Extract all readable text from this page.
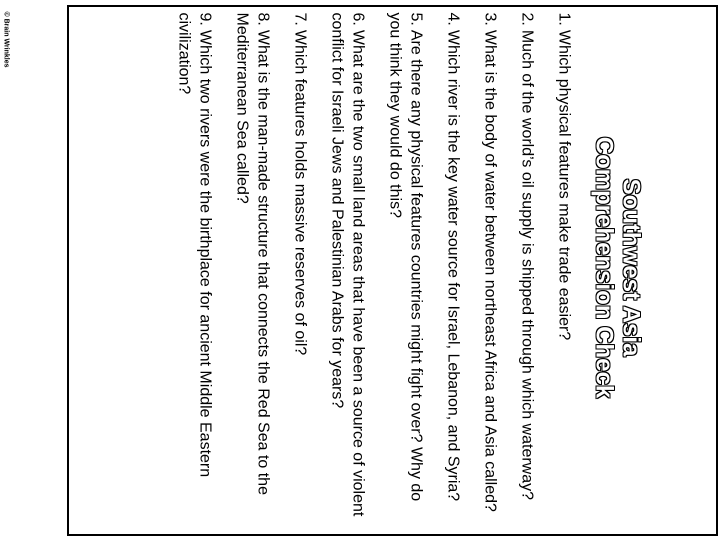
© Brain Wrinkles
Southwest Asia
Comprehension Check
1.Which physical features make trade easier?
2.Much of the world’s oil supply is shipped through which waterway?
3.What is the body of water between northeast Africa and Asia called?
4.Which river is the key water source for Israel, Lebanon, and Syria?
5.Are there any physical features countries might fight over? Why do you think they would do this?
6.What are the two small land areas that have been a source of violent conflict for Israeli Jews and Palestinian Arabs for years?
7.Which features holds massive reserves of oil?
8.What is the man-made structure that connects the Red Sea to the Mediterranean Sea called?
9.Which two rivers were the birthplace for ancient Middle Eastern civilization?
